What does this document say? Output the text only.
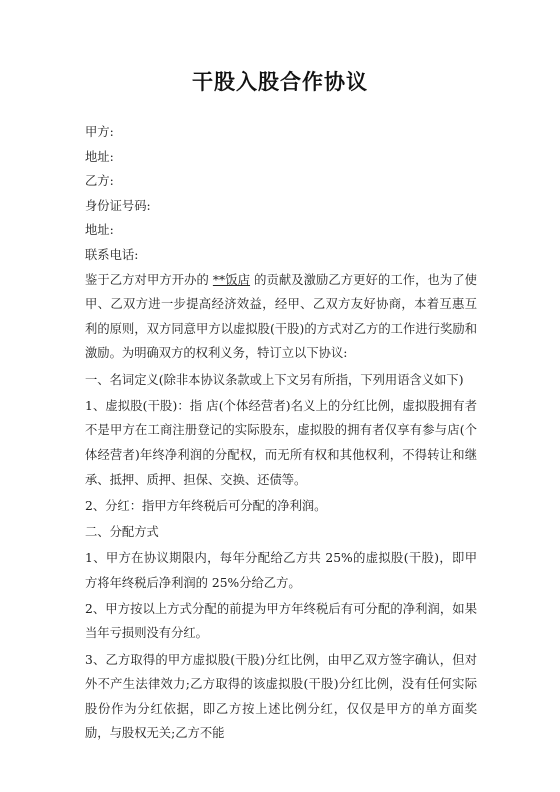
干股入股合作协议
甲方:
地址:
乙方:
身份证号码:
地址:
联系电话:

鉴于乙方对甲方开办的 **饭店 的贡献及激励乙方更好的工作，也为了使甲、乙双方进一步提高经济效益，经甲、乙双方友好协商，本着互惠互利的原则，双方同意甲方以虚拟股(干股)的方式对乙方的工作进行奖励和激励。为明确双方的权利义务，特订立以下协议:

一、名词定义(除非本协议条款或上下文另有所指，下列用语含义如下)

1、虚拟股(干股)：指 店(个体经营者)名义上的分红比例，虚拟股拥有者不是甲方在工商注册登记的实际股东，虚拟股的拥有者仅享有参与店(个体经营者)年终净利润的分配权，而无所有权和其他权利，不得转让和继承、抵押、质押、担保、交换、还债等。

2、分红：指甲方年终税后可分配的净利润。

二、分配方式

1、甲方在协议期限内，每年分配给乙方共 25%的虚拟股(干股)，即甲方将年终税后净利润的 25%分给乙方。

2、甲方按以上方式分配的前提为甲方年终税后有可分配的净利润，如果当年亏损则没有分红。

3、乙方取得的甲方虚拟股(干股)分红比例，由甲乙双方签字确认，但对外不产生法律效力;乙方取得的该虚拟股(干股)分红比例，没有任何实际股份作为分红依据，即乙方按上述比例分红，仅仅是甲方的单方面奖励，与股权无关;乙方不能
